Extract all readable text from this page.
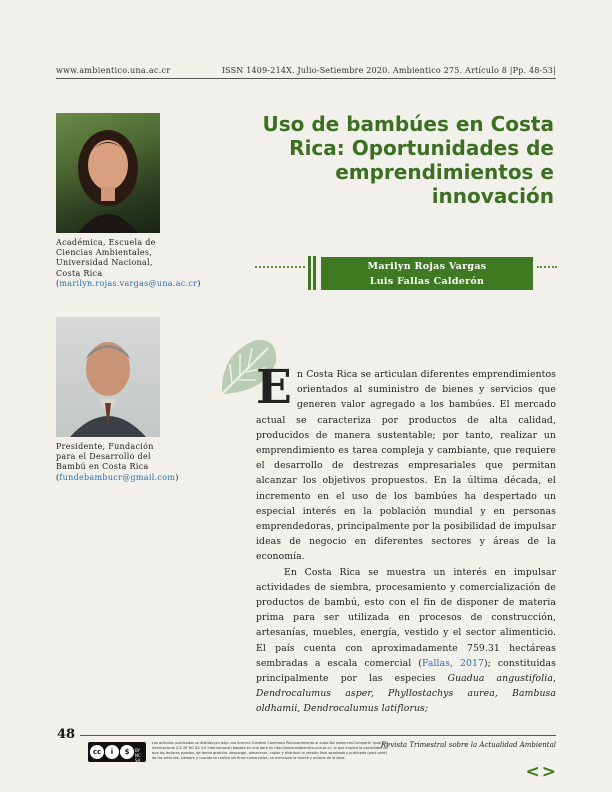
www.ambientico.una.ac.cr	ISSN 1409-214X. Julio-Setiembre 2020. Ambientico 275. Artículo 8 |Pp. 48-53|
Académica, Escuela de Ciencias Ambientales, Universidad Nacional, Costa Rica (marilyn.rojas.vargas@una.ac.cr)
Presidente, Fundación para el Desarrollo del Bambú en Costa Rica (fundebambucr@gmail.com)
Uso de bambúes en Costa Rica: Oportunidades de emprendimientos e innovación
Marilyn Rojas Vargas
Luis Fallas Calderón

En Costa Rica se articulan diferentes emprendimientos orientados al suministro de bienes y servicios que generen valor agregado a los bambúes. El mercado actual se caracteriza por productos de alta calidad, producidos de manera sustentable; por tanto, realizar un emprendimiento es tarea compleja y cambiante, que requiere el desarrollo de destrezas empresariales que permitan alcanzar los objetivos propuestos. En la última década, el incremento en el uso de los bambúes ha despertado un especial interés en la población mundial y en personas emprendedoras, principalmente por la posibilidad de impulsar ideas de negocio en diferentes sectores y áreas de la economía.

En Costa Rica se muestra un interés en impulsar actividades de siembra, procesamiento y comercialización de productos de bambú, esto con el fin de disponer de materia prima para ser utilizada en procesos de construcción, artesanías, muebles, energía, vestido y el sector alimenticio. El país cuenta con aproximadamente 759.31 hectáreas sembradas a escala comercial (Fallas, 2017); constituidas principalmente por las especies Guadua angustifolia, Dendrocalumus asper, Phyllostachys aurea, Bambusa oldhamii, Dendrocalumus latiflorus;

48
cc	i	$	BY NC SA
Los artículos publicados se distribuyen bajo una licencia Creative Commons Reconocimiento al autor-No comercial-Compartir igual 4.0 Internacional (CC BY NC SA 4.0 Internacional) basada en una obra en http://www.ambientico.una.ac.cr, lo que implica la posibilidad de que los lectores puedan, de forma gratuita, descargar, almacenar, copiar y distribuir la versión final aprobada y publicada (post print) de los artículos, siempre y cuando se realice sin fines comerciales, se mencione la fuente y autoría de la obra.
Revista Trimestral sobre la Actualidad Ambiental
<>
